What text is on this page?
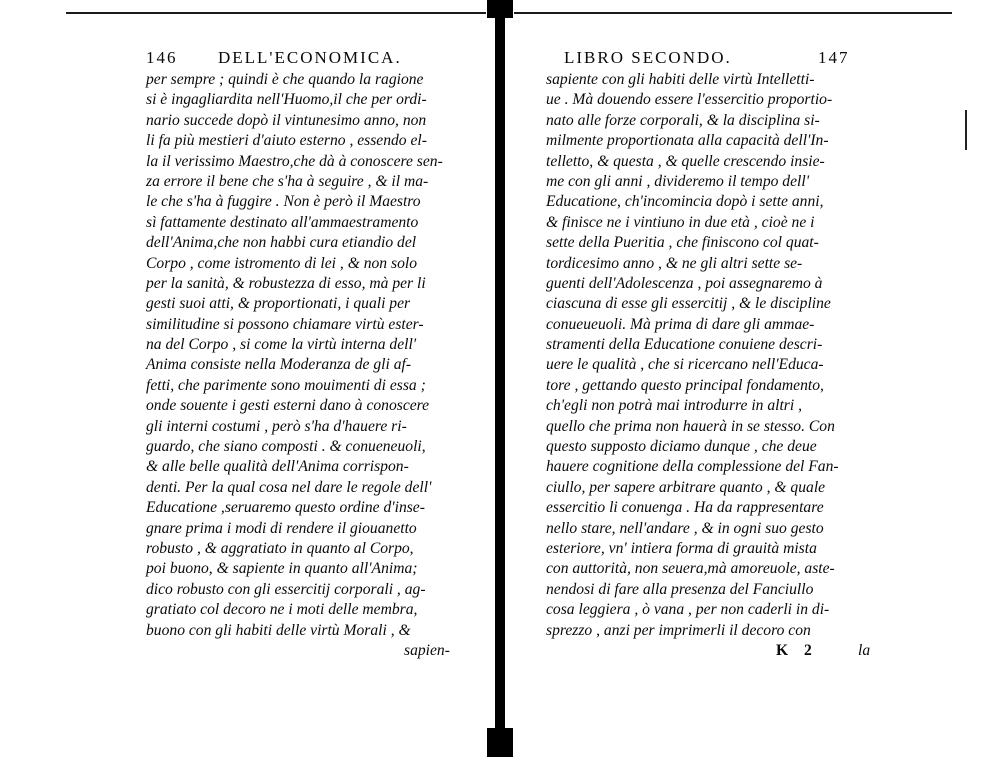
146 DELL'ECONOMICA.
per sempre ; quindi è che quando la ragione
si è ingagliardita nell'Huomo,il che per ordi-
nario succede dopò il vintunesimo anno, non
li fa più mestieri d'aiuto esterno , essendo el-
la il verissimo Maestro,che dà à conoscere sen-
za errore il bene che s'ha à seguire , & il ma-
le che s'ha à fuggire . Non è però il Maestro
sì fattamente destinato all'ammaestramento
dell'Anima,che non habbi cura etiandio del
Corpo , come istromento di lei , & non solo
per la sanità, & robustezza di esso, mà per li
gesti suoi atti, & proportionati, i quali per
similitudine si possono chiamare virtù ester-
na del Corpo , si come la virtù interna dell'
Anima consiste nella Moderanza de gli af-
fetti, che parimente sono mouimenti di essa ;
onde souente i gesti esterni dano à conoscere
gli interni costumi , però s'ha d'hauere ri-
guardo, che siano composti . & conueneuoli,
& alle belle qualità dell'Anima corrispon-
denti. Per la qual cosa nel dare le regole dell'
Educatione ,seruaremo questo ordine d'inse-
gnare prima i modi di rendere il giouanetto
robusto , & aggratiato in quanto al Corpo,
poi buono, & sapiente in quanto all'Anima;
dico robusto con gli essercitij corporali , ag-
gratiato col decoro ne i moti delle membra,
buono con gli habiti delle virtù Morali , &
sapien-
LIBRO SECONDO.	147
sapiente con gli habiti delle virtù Intelletti-
ue . Mà douendo essere l'essercitio proportio-
nato alle forze corporali, & la disciplina si-
milmente proportionata alla capacità dell'In-
telletto, & questa , & quelle crescendo insie-
me con gli anni , divideremo il tempo dell'
Educatione, ch'incominciа dopò i sette anni,
& finisce ne i vintiuno in due età , cioè ne i
sette della Pueritia , che finiscono col quat-
tordicesimo anno , & ne gli altri sette se-
guenti dell'Adolescenza , poi assegnaremo à
ciascuna di esse gli essercitij , & le discipline
conueueuoli. Mà prima di dare gli ammae-
stramenti della Educatione conuiene descri-
uere le qualità , che si ricercano nell'Educa-
tore , gettando questo principal fondamento,
ch'egli non potrà mai introdurre in altri ,
quello che prima non hauerà in se stesso. Con
questo supposto diciamo dunque , che deue
hauere cognitione della complessione del Fan-
ciullo, per sapere arbitrare quanto , & quale
essercitio li conuenga . Ha da rappresentare
nello stare, nell'andare , & in ogni suo gesto
esteriore, vn' intiera forma di grauità mista
con auttorità, non seuera,mà amoreuole, aste-
nendosi di fare alla presenza del Fanciullo
cosa leggiera , ò vana , per non caderli in di-
sprezzo , anzi per imprimerli il decoro con
K 2	la
